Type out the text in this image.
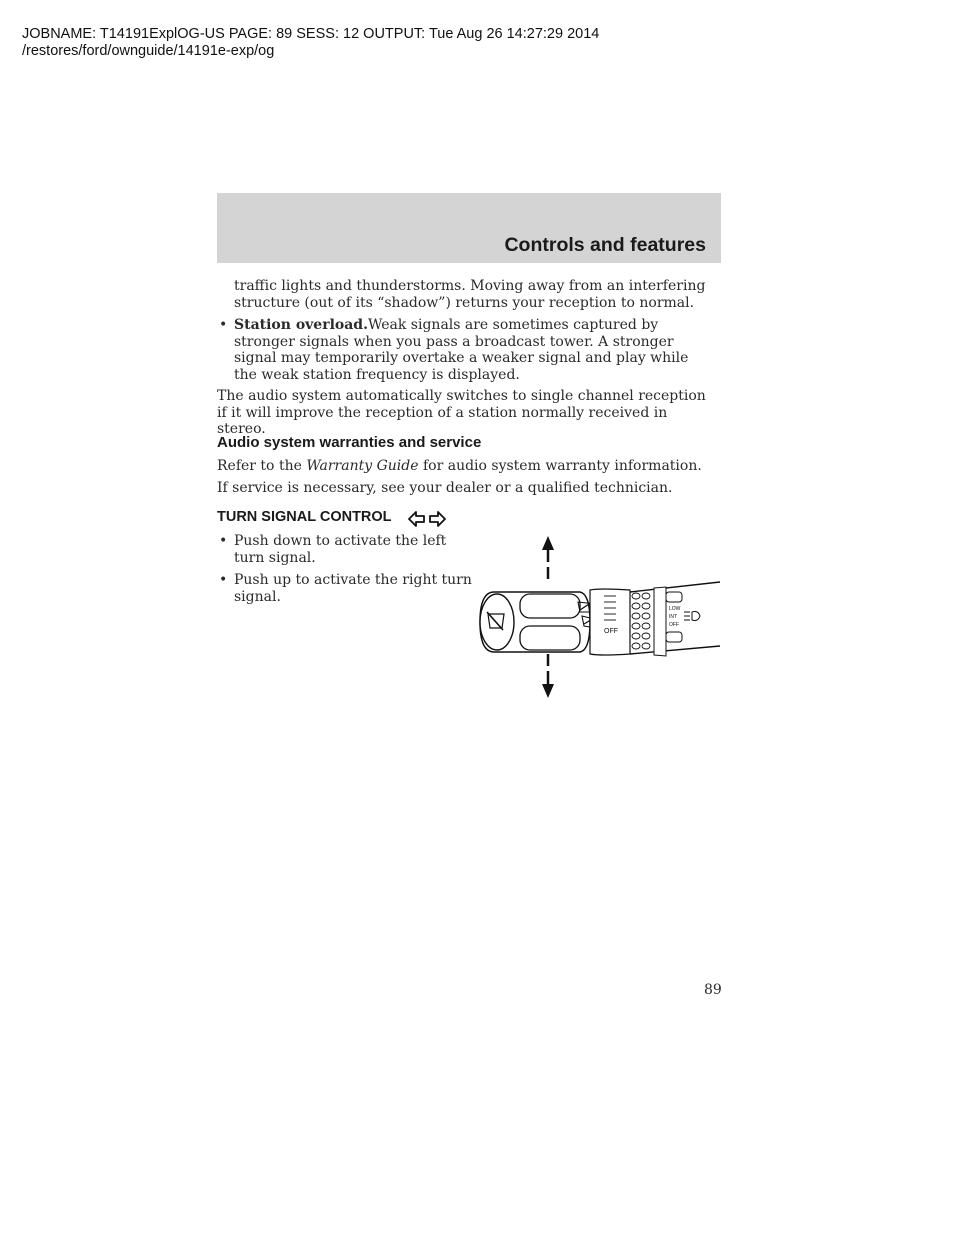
JOBNAME: T14191ExplOG-US PAGE: 89 SESS: 12 OUTPUT: Tue Aug 26 14:27:29 2014
/restores/ford/ownguide/14191e-exp/og
Controls and features
traffic lights and thunderstorms. Moving away from an interfering structure (out of its “shadow”) returns your reception to normal.
• Station overload.Weak signals are sometimes captured by stronger signals when you pass a broadcast tower. A stronger signal may temporarily overtake a weaker signal and play while the weak station frequency is displayed.
The audio system automatically switches to single channel reception if it will improve the reception of a station normally received in stereo.
Audio system warranties and service
Refer to the Warranty Guide for audio system warranty information.
If service is necessary, see your dealer or a qualified technician.
TURN SIGNAL CONTROL
• Push down to activate the left turn signal.
• Push up to activate the right turn signal.
OFF
LOW
INT
OFF
89
